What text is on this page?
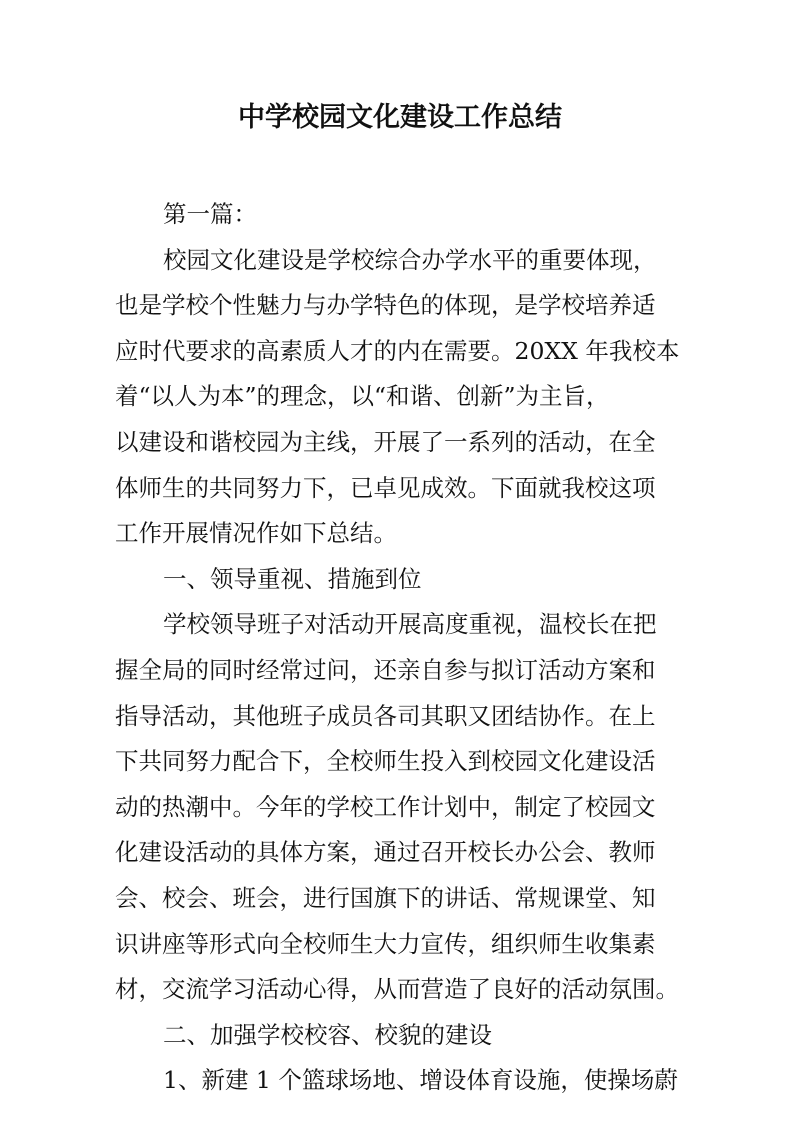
中学校园文化建设工作总结
第一篇：
校园文化建设是学校综合办学水平的重要体现，
也是学校个性魅力与办学特色的体现，是学校培养适
应时代要求的高素质人才的内在需要。20XX 年我校本
着“以人为本”的理念，以“和谐、创新”为主旨，
以建设和谐校园为主线，开展了一系列的活动，在全
体师生的共同努力下，已卓见成效。下面就我校这项
工作开展情况作如下总结。
一、领导重视、措施到位
学校领导班子对活动开展高度重视，温校长在把
握全局的同时经常过问，还亲自参与拟订活动方案和
指导活动，其他班子成员各司其职又团结协作。在上
下共同努力配合下，全校师生投入到校园文化建设活
动的热潮中。今年的学校工作计划中，制定了校园文
化建设活动的具体方案，通过召开校长办公会、教师
会、校会、班会，进行国旗下的讲话、常规课堂、知
识讲座等形式向全校师生大力宣传，组织师生收集素
材，交流学习活动心得，从而营造了良好的活动氛围。
二、加强学校校容、校貌的建设
1、新建 1 个篮球场地、增设体育设施，使操场蔚
